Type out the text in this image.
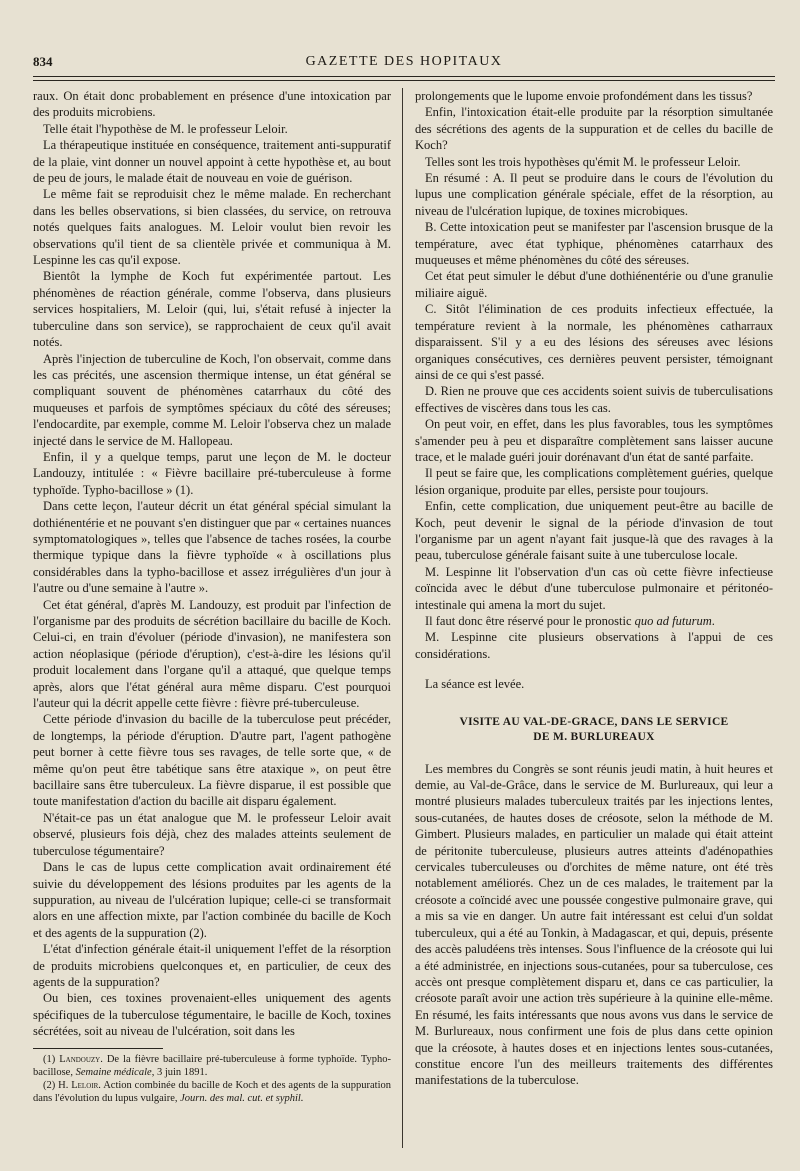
834	GAZETTE DES HOPITAUX

raux. On était donc probablement en présence d'une intoxication par des produits microbiens.

Telle était l'hypothèse de M. le professeur Leloir.

La thérapeutique instituée en conséquence, traitement anti-suppuratif de la plaie, vint donner un nouvel appoint à cette hypothèse et, au bout de peu de jours, le malade était de nouveau en voie de guérison.

Le même fait se reproduisit chez le même malade. En recherchant dans les belles observations, si bien classées, du service, on retrouva notés quelques faits analogues. M. Leloir voulut bien revoir les observations qu'il tient de sa clientèle privée et communiqua à M. Lespinne les cas qu'il expose.

Bientôt la lymphe de Koch fut expérimentée partout. Les phénomènes de réaction générale, comme l'observa, dans plusieurs services hospitaliers, M. Leloir (qui, lui, s'était refusé à injecter la tuberculine dans son service), se rapprochaient de ceux qu'il avait notés.

Après l'injection de tuberculine de Koch, l'on observait, comme dans les cas précités, une ascension thermique intense, un état général se compliquant souvent de phénomènes catarrhaux du côté des muqueuses et parfois de symptômes spéciaux du côté des séreuses; l'endocardite, par exemple, comme M. Leloir l'observa chez un malade injecté dans le service de M. Hallopeau.

Enfin, il y a quelque temps, parut une leçon de M. le docteur Landouzy, intitulée : « Fièvre bacillaire pré-tuberculeuse à forme typhoïde. Typho-bacillose » (1).

Dans cette leçon, l'auteur décrit un état général spécial simulant la dothiénentérie et ne pouvant s'en distinguer que par « certaines nuances symptomatologiques », telles que l'absence de taches rosées, la courbe thermique typique dans la fièvre typhoïde « à oscillations plus considérables dans la typho-bacillose et assez irrégulières d'un jour à l'autre ou d'une semaine à l'autre ».

Cet état général, d'après M. Landouzy, est produit par l'infection de l'organisme par des produits de sécrétion bacillaire du bacille de Koch. Celui-ci, en train d'évoluer (période d'invasion), ne manifestera son action néoplasique (période d'éruption), c'est-à-dire les lésions qu'il produit localement dans l'organe qu'il a attaqué, que quelque temps après, alors que l'état général aura même disparu. C'est pourquoi l'auteur qui la décrit appelle cette fièvre : fièvre pré-tuberculeuse.

Cette période d'invasion du bacille de la tuberculose peut précéder, de longtemps, la période d'éruption. D'autre part, l'agent pathogène peut borner à cette fièvre tous ses ravages, de telle sorte que, « de même qu'on peut être tabétique sans être ataxique », on peut être bacillaire sans être tuberculeux. La fièvre disparue, il est possible que toute manifestation d'action du bacille ait disparu également.

N'était-ce pas un état analogue que M. le professeur Leloir avait observé, plusieurs fois déjà, chez des malades atteints seulement de tuberculose tégumentaire?

Dans le cas de lupus cette complication avait ordinairement été suivie du développement des lésions produites par les agents de la suppuration, au niveau de l'ulcération lupique; celle-ci se transformait alors en une affection mixte, par l'action combinée du bacille de Koch et des agents de la suppuration (2).

L'état d'infection générale était-il uniquement l'effet de la résorption de produits microbiens quelconques et, en particulier, de ceux des agents de la suppuration?

Ou bien, ces toxines provenaient-elles uniquement des agents spécifiques de la tuberculose tégumentaire, le bacille de Koch, toxines sécrétées, soit au niveau de l'ulcération, soit dans les

(1) Landouzy. De la fièvre bacillaire pré-tuberculeuse à forme typhoïde. Typho-bacillose, Semaine médicale, 3 juin 1891.

(2) H. Leloir. Action combinée du bacille de Koch et des agents de la suppuration dans l'évolution du lupus vulgaire, Journ. des mal. cut. et syphil.

prolongements que le lupome envoie profondément dans les tissus?

Enfin, l'intoxication était-elle produite par la résorption simultanée des sécrétions des agents de la suppuration et de celles du bacille de Koch?

Telles sont les trois hypothèses qu'émit M. le professeur Leloir.

En résumé : A. Il peut se produire dans le cours de l'évolution du lupus une complication générale spéciale, effet de la résorption, au niveau de l'ulcération lupique, de toxines microbiques.

B. Cette intoxication peut se manifester par l'ascension brusque de la température, avec état typhique, phénomènes catarrhaux des muqueuses et même phénomènes du côté des séreuses.

Cet état peut simuler le début d'une dothiénentérie ou d'une granulie miliaire aiguë.

C. Sitôt l'élimination de ces produits infectieux effectuée, la température revient à la normale, les phénomènes catharraux disparaissent. S'il y a eu des lésions des séreuses avec lésions organiques consécutives, ces dernières peuvent persister, témoignant ainsi de ce qui s'est passé.

D. Rien ne prouve que ces accidents soient suivis de tuberculisations effectives de viscères dans tous les cas.

On peut voir, en effet, dans les plus favorables, tous les symptômes s'amender peu à peu et disparaître complètement sans laisser aucune trace, et le malade guéri jouir dorénavant d'un état de santé parfaite.

Il peut se faire que, les complications complètement guéries, quelque lésion organique, produite par elles, persiste pour toujours.

Enfin, cette complication, due uniquement peut-être au bacille de Koch, peut devenir le signal de la période d'invasion de tout l'organisme par un agent n'ayant fait jusque-là que des ravages à la peau, tuberculose générale faisant suite à une tuberculose locale.

M. Lespinne lit l'observation d'un cas où cette fièvre infectieuse coïncida avec le début d'une tuberculose pulmonaire et péritonéo-intestinale qui amena la mort du sujet.

Il faut donc être réservé pour le pronostic quo ad futurum.

M. Lespinne cite plusieurs observations à l'appui de ces considérations.

La séance est levée.

VISITE AU VAL-DE-GRACE, DANS LE SERVICE
DE M. BURLUREAUX

Les membres du Congrès se sont réunis jeudi matin, à huit heures et demie, au Val-de-Grâce, dans le service de M. Burlureaux, qui leur a montré plusieurs malades tuberculeux traités par les injections lentes, sous-cutanées, de hautes doses de créosote, selon la méthode de M. Gimbert. Plusieurs malades, en particulier un malade qui était atteint de péritonite tuberculeuse, plusieurs autres atteints d'adénopathies cervicales tuberculeuses ou d'orchites de même nature, ont été très notablement améliorés. Chez un de ces malades, le traitement par la créosote a coïncidé avec une poussée congestive pulmonaire grave, qui a mis sa vie en danger. Un autre fait intéressant est celui d'un soldat tuberculeux, qui a été au Tonkin, à Madagascar, et qui, depuis, présente des accès paludéens très intenses. Sous l'influence de la créosote qui lui a été administrée, en injections sous-cutanées, pour sa tuberculose, ces accès ont presque complètement disparu et, dans ce cas particulier, la créosote paraît avoir une action très supérieure à la quinine elle-même. En résumé, les faits intéressants que nous avons vus dans le service de M. Burlureaux, nous confirment une fois de plus dans cette opinion que la créosote, à hautes doses et en injections lentes sous-cutanées, constitue encore l'un des meilleurs traitements des différentes manifestations de la tuberculose.
